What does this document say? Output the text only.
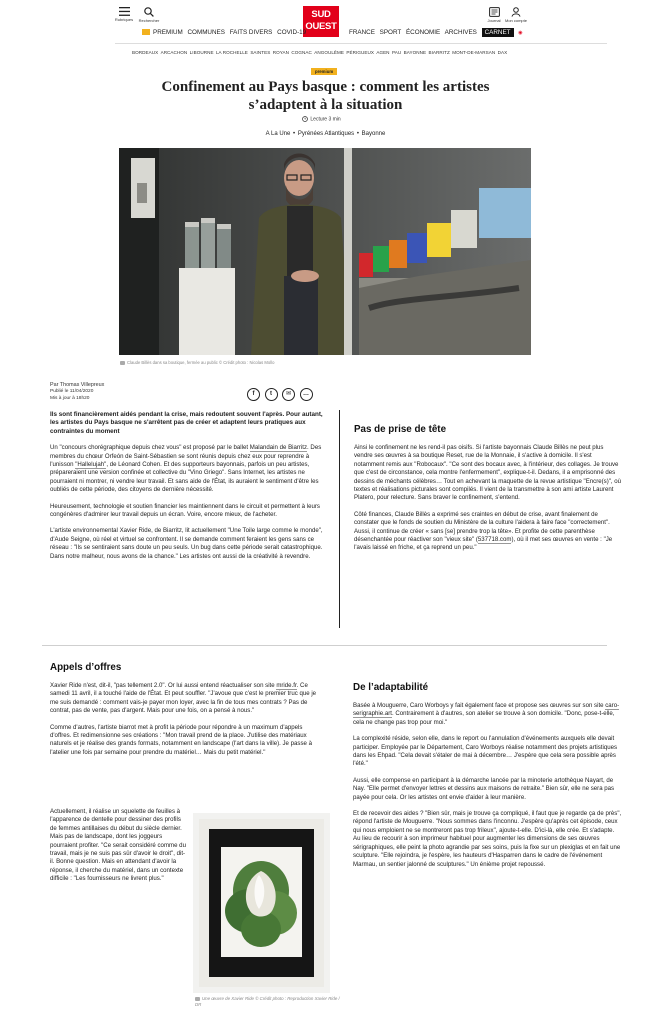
Rubriques	Rechercher
SUD
OUEST
Journal	Mon compte
PREMIUM COMMUNES FAITS DIVERS COVID-19	FRANCE SPORT ÉCONOMIE ARCHIVES CARNET ◉
BORDEAUX ARCACHON LIBOURNE LA ROCHELLE SAINTES ROYAN COGNAC ANGOULÊME PÉRIGUEUX AGEN PAU BAYONNE BIARRITZ MONT-DE-MARSAN DAX
premium
Confinement au Pays basque : comment les artistes s’adaptent à la situation
Lecture 3 min
A La Une • Pyrénées Atlantiques • Bayonne
Claude Billès dans sa boutique, fermée au public © Crédit photo : Nicolas Mollo
Par Thomas Villepreux
Publié le 11/04/2020
Mis à jour à 18h20
f	t ✉ …

Ils sont financièrement aidés pendant la crise, mais redoutent souvent l'après. Pour autant, les artistes du Pays basque ne s'arrêtent pas de créer et adaptent leurs pratiques aux contraintes du moment

Un "concours chorégraphique depuis chez vous" est proposé par le ballet Malandain de Biarritz. Des membres du chœur Orfeón de Saint-Sébastien se sont réunis depuis chez eux pour reprendre à l'unisson "Hallelujah", de Léonard Cohen. Et des supporteurs bayonnais, parfois un peu artistes, prépareraient une version confinée et collective du "Vino Griego". Sans Internet, les artistes ne pourraient ni montrer, ni vendre leur travail. Et sans aide de l'État, ils auraient le sentiment d'être les oubliés de cette période, des citoyens de dernière nécessité.

Heureusement, technologie et soutien financier les maintiennent dans le circuit et permettent à leurs congénères d'admirer leur travail depuis un écran. Voire, encore mieux, de l'acheter.

L'artiste environnemental Xavier Ride, de Biarritz, lit actuellement "Une Toile large comme le monde", d'Aude Seigne, où réel et virtuel se confrontent. Il se demande comment feraient les gens sans ce réseau : "Ils se sentiraient sans doute un peu seuls. Un bug dans cette période serait catastrophique. Dans notre malheur, nous avons de la chance." Les artistes ont aussi de la créativité à revendre.

Pas de prise de tête

Ainsi le confinement ne les rend-il pas oisifs. Si l'artiste bayonnais Claude Billès ne peut plus vendre ses œuvres à sa boutique Reset, rue de la Monnaie, il s'active à domicile. Il s'est notamment remis aux "Robocaux". "Ce sont des bocaux avec, à l'intérieur, des collages. Je trouve que c'est de circonstance, cela montre l'enfermement", explique-t-il. Dedans, il a emprisonné des dessins de méchants célèbres… Tout en achevant la maquette de la revue artistique "Encre(s)", où textes et réalisations picturales sont compilés. Il vient de la transmettre à son ami artiste Laurent Platero, pour relecture. Sans braver le confinement, s'entend.

Côté finances, Claude Billès a exprimé ses craintes en début de crise, avant finalement de constater que le fonds de soutien du Ministère de la culture l'aidera à faire face "correctement". Aussi, il continue de créer « sans [se] prendre trop la tête». Et profite de cette parenthèse désenchantée pour réactiver son "vieux site" (537718.com), où il met ses œuvres en vente : "Je l'avais laissé en friche, et ça reprend un peu."

Appels d’offres

Xavier Ride n'est, dit-il, "pas tellement 2.0". Or lui aussi entend réactualiser son site mride.fr. Ce samedi 11 avril, il a touché l'aide de l'État. Et peut souffler. "J'avoue que c'est le premier truc que je me suis demandé : comment vais-je payer mon loyer, avec la fin de tous mes contrats ? Pas de contrat, pas de vente, pas d'argent. Mais pour une fois, on a pensé à nous."

Comme d'autres, l'artiste biarrot met à profit la période pour répondre à un maximum d'appels d'offres. Et redimensionne ses créations : "Mon travail prend de la place. J'utilise des matériaux naturels et je réalise des grands formats, notamment en landscape (l'art dans la ville). Je passe à l'atelier une fois par semaine pour prendre du matériel… Mais du petit matériel."

Actuellement, il réalise un squelette de feuilles à l'apparence de dentelle pour dessiner des profils de femmes antillaises du début du siècle dernier. Mais pas de landscape, dont les joggeurs pourraient profiter. "Ce serait considéré comme du travail, mais je ne suis pas sûr d'avoir le droit", dit-il. Bonne question. Mais en attendant d'avoir la réponse, il cherche du matériel, dans un contexte difficile : "Les fournisseurs ne livrent plus."

Une œuvre de Xavier Ride © Crédit photo : Reproduction Xavier Ride / DR
De l’adaptabilité

Basée à Mouguerre, Caro Worboys y fait également face et propose ses œuvres sur son site caro-serigraphie.art. Contrairement à d'autres, son atelier se trouve à son domicile. "Donc, pose-t-elle, cela ne change pas trop pour moi."

La complexité réside, selon elle, dans le report ou l'annulation d'événements auxquels elle devait participer. Employée par le Département, Caro Worboys réalise notamment des projets artistiques dans les Ehpad. "Cela devait s'étaler de mai à décembre… J'espère que cela sera possible après l'été."

Aussi, elle compense en participant à la démarche lancée par la minoterie artothèque Nayart, de Nay. "Elle permet d'envoyer lettres et dessins aux maisons de retraite." Bien sûr, elle ne sera pas payée pour cela. Or les artistes ont envie d'aider à leur manière.

Et de recevoir des aides ? "Bien sûr, mais je trouve ça compliqué, il faut que je regarde ça de près", répond l'artiste de Mouguerre. "Nous sommes dans l'inconnu. J'espère qu'après cet épisode, ceux qui nous emploient ne se montreront pas trop frileux", ajoute-t-elle. D'ici-là, elle crée. Et s'adapte. Au lieu de recourir à son imprimeur habituel pour augmenter les dimensions de ses œuvres sérigraphiques, elle peint la photo agrandie par ses soins, puis la fixe sur un plexiglas et en fait une sculpture. "Elle rejoindra, je l'espère, les hauteurs d'Hasparren dans le cadre de l'événement Marmau, un sentier jalonné de sculptures." Un énième projet repoussé.
